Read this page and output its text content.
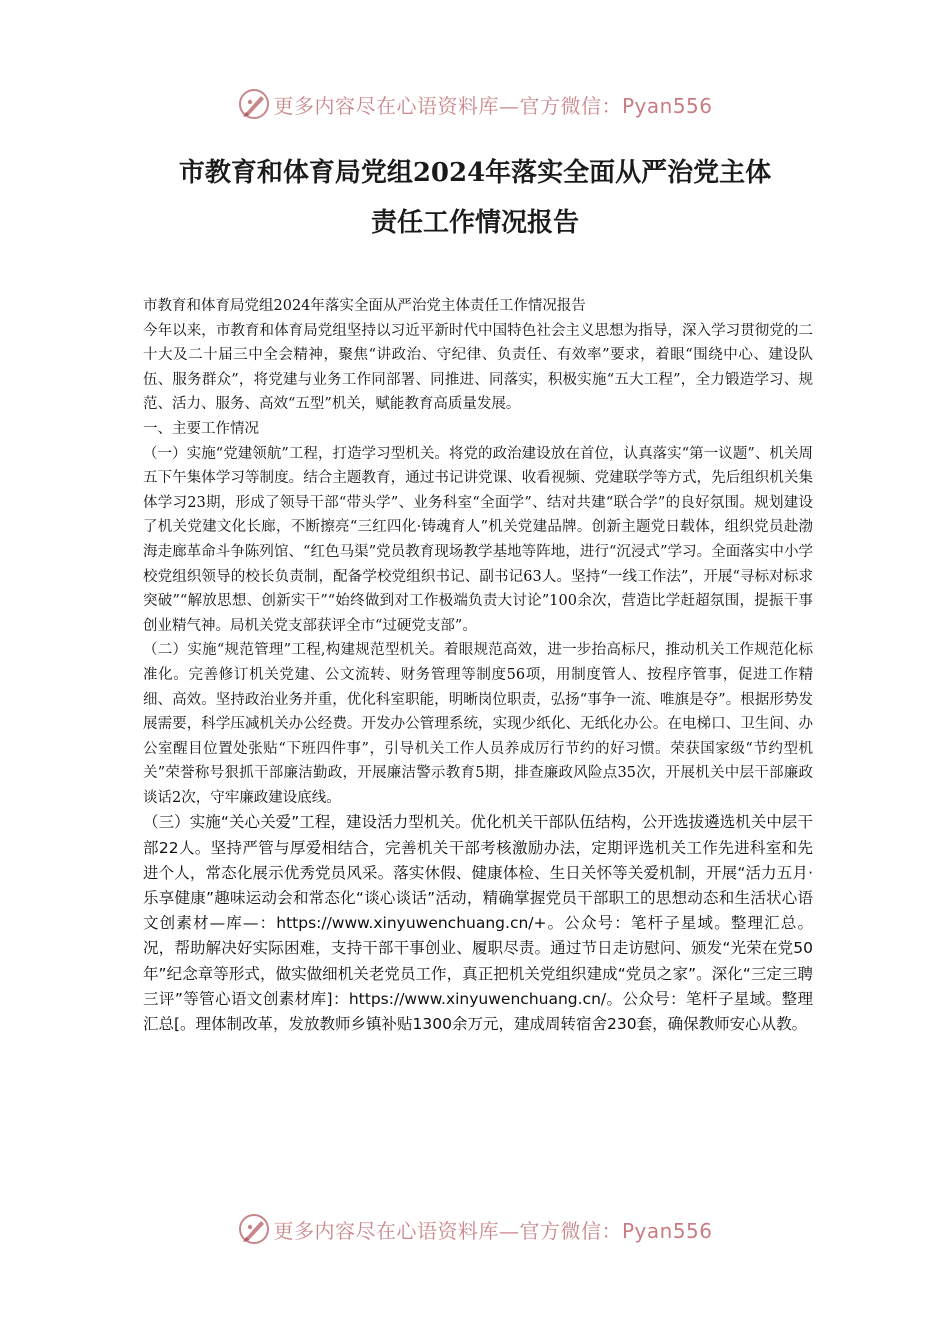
更多内容尽在心语资料库—官方微信：Pyan556
市教育和体育局党组2024年落实全面从严治党主体
责任工作情况报告

市教育和体育局党组2024年落实全面从严治党主体责任工作情况报告

今年以来，市教育和体育局党组坚持以习近平新时代中国特色社会主义思想为指导，深入学习贯彻党的二十大及二十届三中全会精神，聚焦“讲政治、守纪律、负责任、有效率”要求，着眼“围绕中心、建设队伍、服务群众”，将党建与业务工作同部署、同推进、同落实，积极实施“五大工程”，全力锻造学习、规范、活力、服务、高效“五型”机关，赋能教育高质量发展。

一、主要工作情况

（一）实施“党建领航”工程，打造学习型机关。将党的政治建设放在首位，认真落实“第一议题”、机关周五下午集体学习等制度。结合主题教育，通过书记讲党课、收看视频、党建联学等方式，先后组织机关集体学习23期，形成了领导干部“带头学”、业务科室“全面学”、结对共建“联合学”的良好氛围。规划建设了机关党建文化长廊，不断擦亮“三红四化·铸魂育人”机关党建品牌。创新主题党日载体，组织党员赴渤海走廊革命斗争陈列馆、“红色马渠”党员教育现场教学基地等阵地，进行“沉浸式”学习。全面落实中小学校党组织领导的校长负责制，配备学校党组织书记、副书记63人。坚持“一线工作法”，开展“寻标对标求突破”“解放思想、创新实干”“始终做到对工作极端负责大讨论”100余次，营造比学赶超氛围，提振干事创业精气神。局机关党支部获评全市“过硬党支部”。

（二）实施“规范管理”工程,构建规范型机关。着眼规范高效，进一步抬高标尺，推动机关工作规范化标准化。完善修订机关党建、公文流转、财务管理等制度56项，用制度管人、按程序管事，促进工作精细、高效。坚持政治业务并重，优化科室职能，明晰岗位职责，弘扬“事争一流、唯旗是夺”。根据形势发展需要，科学压减机关办公经费。开发办公管理系统，实现少纸化、无纸化办公。在电梯口、卫生间、办公室醒目位置处张贴“下班四件事”，引导机关工作人员养成厉行节约的好习惯。荣获国家级“节约型机关”荣誉称号狠抓干部廉洁勤政，开展廉洁警示教育5期，排查廉政风险点35次，开展机关中层干部廉政谈话2次，守牢廉政建设底线。

（三）实施“关心关爱”工程，建设活力型机关。优化机关干部队伍结构，公开选拔遴选机关中层干部22人。坚持严管与厚爱相结合，完善机关干部考核激励办法，定期评选机关工作先进科室和先进个人，常态化展示优秀党员风采。落实休假、健康体检、生日关怀等关爱机制，开展“活力五月·乐享健康”趣味运动会和常态化“谈心谈话”活动，精确掌握党员干部职工的思想动态和生活状心语文创素材—库—：https://www.xinyuwenchuang.cn/+。公众号：笔杆子星域。整理汇总。况，帮助解决好实际困难，支持干部干事创业、履职尽责。通过节日走访慰问、颁发“光荣在党50年”纪念章等形式，做实做细机关老党员工作，真正把机关党组织建成“党员之家”。深化“三定三聘三评”等管心语文创素材库]：https://www.xinyuwenchuang.cn/。公众号：笔杆子星域。整理汇总[。理体制改革，发放教师乡镇补贴1300余万元，建成周转宿舍230套，确保教师安心从教。

更多内容尽在心语资料库—官方微信：Pyan556
